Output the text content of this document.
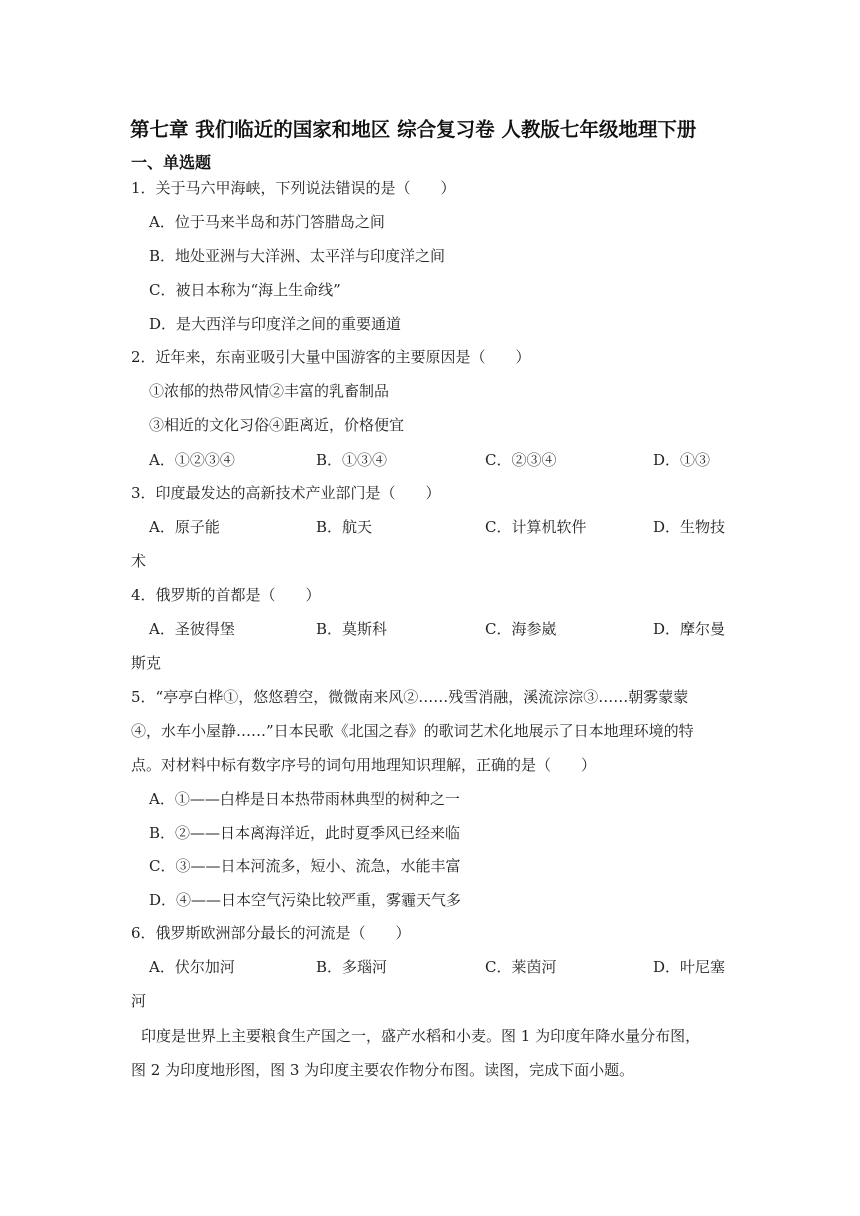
第七章 我们临近的国家和地区 综合复习卷 人教版七年级地理下册
一、单选题
1．关于马六甲海峡，下列说法错误的是（　　）
A．位于马来半岛和苏门答腊岛之间
B．地处亚洲与大洋洲、太平洋与印度洋之间
C．被日本称为“海上生命线”
D．是大西洋与印度洋之间的重要通道
2．近年来，东南亚吸引大量中国游客的主要原因是（　　）
①浓郁的热带风情②丰富的乳畜制品
③相近的文化习俗④距离近，价格便宜
A．①②③④	B．①③④	C．②③④	D．①③
3．印度最发达的高新技术产业部门是（　　）
A．原子能	B．航天	C．计算机软件	D．生物技
术
4．俄罗斯的首都是（　　）
A．圣彼得堡	B．莫斯科	C．海参崴	D．摩尔曼
斯克
5．“亭亭白桦①，悠悠碧空，微微南来风②……残雪消融，溪流淙淙③……朝雾蒙蒙
④，水车小屋静……”日本民歌《北国之春》的歌词艺术化地展示了日本地理环境的特
点。对材料中标有数字序号的词句用地理知识理解，正确的是（　　）
A．①——白桦是日本热带雨林典型的树种之一
B．②——日本离海洋近，此时夏季风已经来临
C．③——日本河流多，短小、流急，水能丰富
D．④——日本空气污染比较严重，雾霾天气多
6．俄罗斯欧洲部分最长的河流是（　　）
A．伏尔加河	B．多瑙河	C．莱茵河	D．叶尼塞
河
印度是世界上主要粮食生产国之一，盛产水稻和小麦。图 1 为印度年降水量分布图，
图 2 为印度地形图，图 3 为印度主要农作物分布图。读图，完成下面小题。
